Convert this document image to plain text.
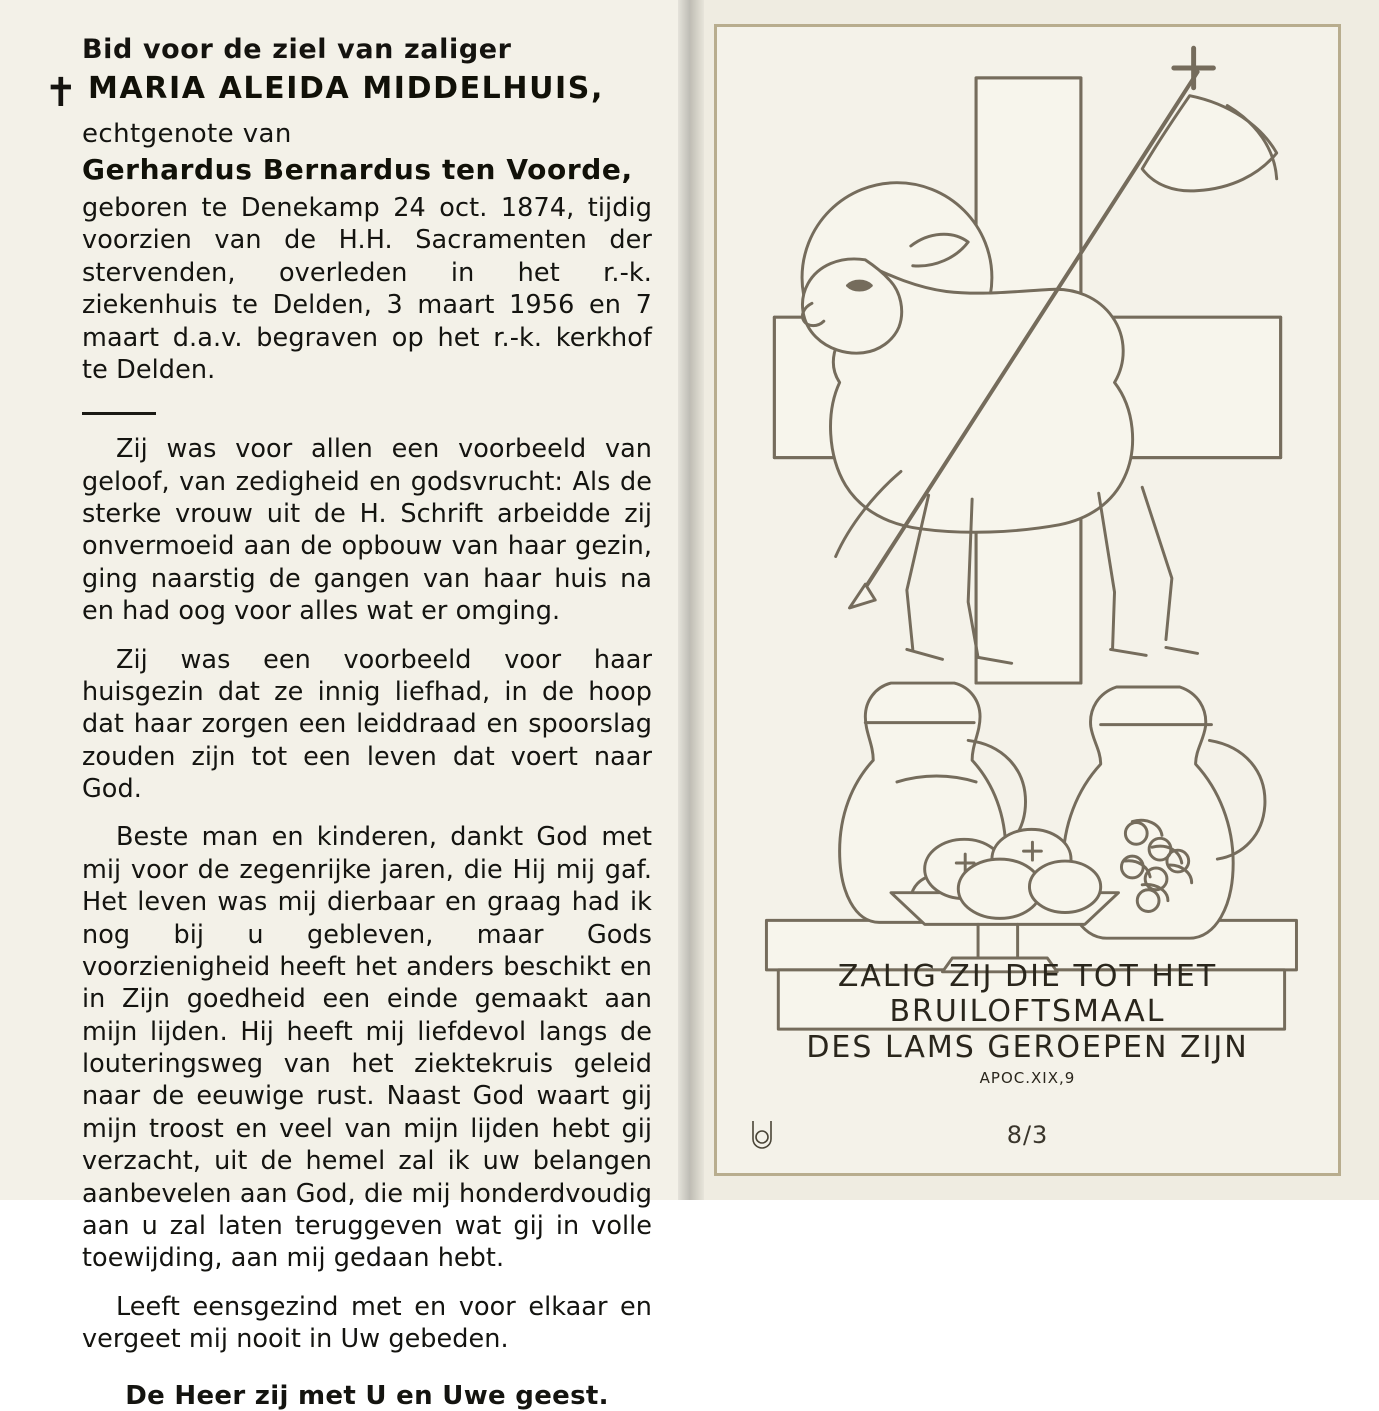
Bid voor de ziel van zaliger
✝ MARIA ALEIDA MIDDELHUIS,
echtgenote van
Gerhardus Bernardus ten Voorde,
geboren te Denekamp 24 oct. 1874, tijdig voorzien van de H.H. Sacramenten der stervenden, overleden in het r.-k. ziekenhuis te Delden, 3 maart 1956 en 7 maart d.a.v. begraven op het r.-k. kerkhof te Delden.

Zij was voor allen een voorbeeld van geloof, van zedigheid en godsvrucht: Als de sterke vrouw uit de H. Schrift arbeidde zij onvermoeid aan de opbouw van haar gezin, ging naarstig de gangen van haar huis na en had oog voor alles wat er omging.

Zij was een voorbeeld voor haar huisgezin dat ze innig liefhad, in de hoop dat haar zorgen een leiddraad en spoorslag zouden zijn tot een leven dat voert naar God.

Beste man en kinderen, dankt God met mij voor de zegenrijke jaren, die Hij mij gaf. Het leven was mij dierbaar en graag had ik nog bij u gebleven, maar Gods voorzienigheid heeft het anders beschikt en in Zijn goedheid een einde gemaakt aan mijn lijden. Hij heeft mij liefdevol langs de louteringsweg van het ziektekruis geleid naar de eeuwige rust. Naast God waart gij mijn troost en veel van mijn lijden hebt gij verzacht, uit de hemel zal ik uw belangen aanbevelen aan God, die mij honderdvoudig aan u zal laten teruggeven wat gij in volle toewijding, aan mij gedaan hebt.

Leeft eensgezind met en voor elkaar en vergeet mij nooit in Uw gebeden.

De Heer zij met U en Uwe geest.

ZALIG ZIJ DIE TOT HET
BRUILOFTSMAAL
DES LAMS GEROEPEN ZIJN
APOC.XIX,9
8/3
